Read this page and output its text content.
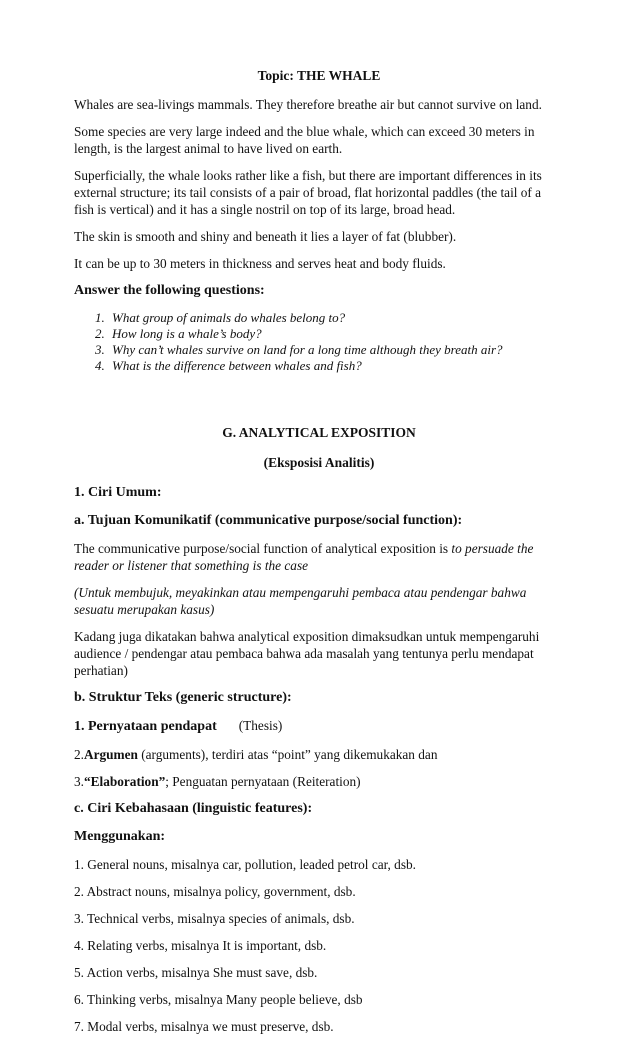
Topic: THE WHALE

Whales are sea-livings mammals. They therefore breathe air but cannot survive on land.

Some species are very large indeed and the blue whale, which can exceed 30 meters in length, is the largest animal to have lived on earth.

Superficially, the whale looks rather like a fish, but there are important differences in its external structure; its tail consists of a pair of broad, flat horizontal paddles (the tail of a fish is vertical) and it has a single nostril on top of its large, broad head.

The skin is smooth and shiny and beneath it lies a layer of fat (blubber).

It can be up to 30 meters in thickness and serves heat and body fluids.

Answer the following questions:

1. What group of animals do whales belong to?
2. How long is a whale’s body?
3. Why can’t whales survive on land for a long time although they breath air?
4. What is the difference between whales and fish?

G. ANALYTICAL EXPOSITION

(Eksposisi Analitis)

1. Ciri Umum:

a. Tujuan Komunikatif (communicative purpose/social function):

The communicative purpose/social function of analytical exposition is to persuade the reader or listener that something is the case

(Untuk membujuk, meyakinkan atau mempengaruhi pembaca atau pendengar bahwa sesuatu merupakan kasus)

Kadang juga dikatakan bahwa analytical exposition dimaksudkan untuk mempengaruhi audience / pendengar atau pembaca bahwa ada masalah yang tentunya perlu mendapat perhatian)

b. Struktur Teks (generic structure):

1. Pernyataan pendapat (Thesis)

2.Argumen (arguments), terdiri atas “point” yang dikemukakan dan

3.“Elaboration”; Penguatan pernyataan (Reiteration)

c. Ciri Kebahasaan (linguistic features):

Menggunakan:

1. General nouns, misalnya car, pollution, leaded petrol car, dsb.

2. Abstract nouns, misalnya policy, government, dsb.

3. Technical verbs, misalnya species of animals, dsb.

4. Relating verbs, misalnya It is important, dsb.

5. Action verbs, misalnya She must save, dsb.

6. Thinking verbs, misalnya Many people believe, dsb

7. Modal verbs, misalnya we must preserve, dsb.
